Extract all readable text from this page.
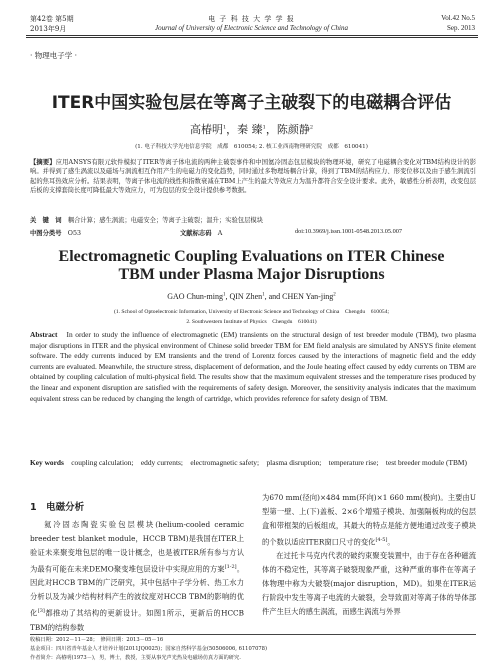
第42卷 第5期
2013年9月
电 子 科 技 大 学 学 报
Journal of University of Electronic Science and Technology of China
Vol.42 No.5
Sep. 2013
· 物理电子学 ·
ITER中国实验包层在等离子主破裂下的电磁耦合评估
高椿明$^1$，秦 臻$^1$，陈颜静$^2$
(1. 电子科技大学光电信息学院　成都　610054; 2. 核工业西南物理研究院　成都　610041)
【摘要】应用ANSYS有限元软件模拟了ITER等离子体电流的两种主破裂事件和中国氦冷固态包层模块的物理环境，研究了电磁耦合变化对TBM结构设计的影响。并得到了感生涡流以及磁场与涡流相互作用产生的电磁力的变化趋势，同时通过多物理场耦合计算，得到了TBM的结构应力、形变位移以及由于感生涡流引起的焦耳热效应分析。结果表明，等离子体电流的线性和指数衰减在TBM上产生的最大等效应力为温升都符合安全设计要求。此外，敏感性分析表明，改变包层后板的支撑套筒长度可降低最大等效应力，可为包层的安全设计提供参考数据。
关　键　词　 耦合计算；感生涡流；电磁安全；等离子主破裂；温升；实验包层模块
中图分类号　 O53	文献标志码　 A	doi:10.3969/j.issn.1001-0548.2013.05.007
Electromagnetic Coupling Evaluations on ITER Chinese
TBM under Plasma Major Disruptions
GAO Chun-ming$^1$, QIN Zhen$^1$, and CHEN Yan-jing$^2$
(1. School of Optoelectronic Information, University of Electronic Science and Technology of China　Chengdu　610054;
2. Southwestern Institute of Physics　Chengdu　610041)
Abstract　 In order to study the influence of electromagnetic (EM) transients on the structural design of test breeder module (TBM), two plasma major disruptions in ITER and the physical environment of Chinese solid breeder TBM for EM field analysis are simulated by ANSYS finite element software. The eddy currents induced by EM transients and the trend of Lorentz forces caused by the interactions of magnetic field and the eddy currents are evaluated. Meanwhile, the structure stress, displacement of deformation, and the Joule heating effect caused by eddy currents on TBM are obtained by coupling calculation of multi-physical field. The results show that the maximum equivalent stresses and the temperature rises produced by the linear and exponent disruption are satisfied with the requirements of safety design. Moreover, the sensitivity analysis indicates that the maximum equivalent stress can be reduced by changing the length of cartridge, which provides reference for safety design of TBM.
Key words　 coupling calculation;　eddy currents;　electromagnetic safety;　plasma disruption;　temperature rise;　test breeder module (TBM)
1　电磁分析
氦冷固态陶瓷实验包层模块(helium-cooled ceramic breeder test blanket module，HCCB TBM)是我国在ITER上验证未来聚变堆包层的唯一设计概念，也是被ITER所有参与方认为最有可能在未来DEMO聚变堆包层设计中实现应用的方案[1-2]。因此对HCCB TBM的广泛研究，其中包括中子学分析、热工水力分析以及为减少结构材料产生的波纹度对HCCB TBM的影响的优化[3]都推动了其结构的更新设计。如图1所示，更新后的HCCB TBM的结构参数
为670 mm(径向)×484 mm(环向)×1 660 mm(极向)。主要由U型第一壁、上(下)盖板、2×6个增殖子模块、加强隔板构成的包层盒和带框架的后板组成，其最大的特点是能方便地通过改变子模块的个数以适应ITER窗口尺寸的变化[4-5]。
在过托卡马克内代表的破约束聚变装置中，由于存在各种磁流体的不稳定性，其等离子破裂现象严重，这种严重的事件在等离子体物理中称为大破裂(major disruption，MD)。如果在ITER运行阶段中发生等离子电流的大破裂，会导致面对等离子体的导体部件产生巨大的感生涡流，而感生涡流与外界
收稿日期：2012－11－28；　修回日期：2013－05－16
基金项目：四川省青年基金人才培养计划(2011JQ0025)；国家自然科学基金(50506006, 61107078)
作者简介：高椿明(1973－)，男，博士，教授，主要从事光声光热及电磁场仿真方面的研究.
